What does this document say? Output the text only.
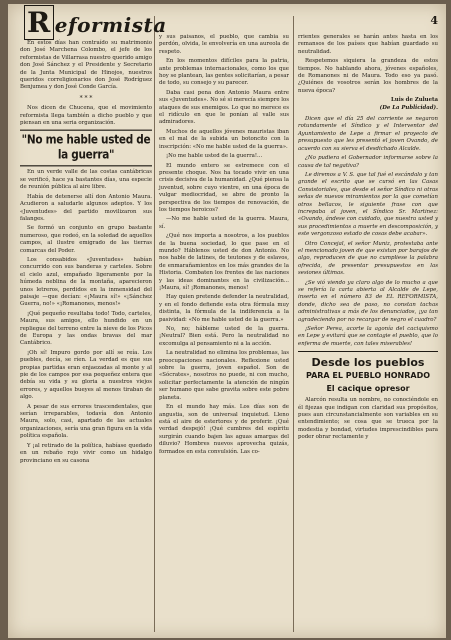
4
R eformista

En estos días han contraído su matrimonio don José Marchena Colombo, el jefe de los reformistas de Villarrasa nuestro querido amigo don José Sánchez y el Presidente y Secretario de la Junta Municipal de Hinojos, nuestros queridos correligionarios don José Rodríguez Benjumea y don José Conde García.

* * *

Nos dicen de Chucena, que el movimiento reformista llega también a dicho pueblo y que piensan en una seria organización.

"No me hable usted de la guerra"

En un verde valle de las costas cantábricas se verificó, hace ya bastantes días, una especie de reunión pública al aire libre.

Había de detenerse allí don Antonio Maura. Acudieron a saludarle algunos adeptos. Y los «Juventudes» del partido movilizaron sus falanges.

Se formó un conjunto en grupo bastante numeroso, que rodeó, en la soledad de aquellos campos, al ilustre emigrado de las tierras comarcas del Poder.

Los consabidos «Juventudes» habían concurrido con sus banderas y carteles. Sobre el cielo azul, empañado ligeramente por la húmeda neblina de la montaña, aparecieron unos letreros, perdidos en la inmensidad del paisaje —que decían: «¡Maura sí!» «¡Sánchez Guerra, no!» «¡Romanones, menos!»

¡Qué pequeño resultaba todo! Todo, carteles, Maura, sus amigos, ello hundido en un repliegue del terreno entre la nieve de los Picos de Europa y las ondas bravas del mar Cantábrico.

¡Oh sí! Impuro gordo por allí se reía. Los puebles, decía, se ríen. La verdad es que sus propias partidas eran enjaezadas al monte y al pie de los campos por esa pequeñez entera que debía su vida y su gloria a nuestros viejos errores, y aquellos bueyes al menos tiraban de algo.

A pesar de sus errores trascendentales, que serían irreparables, todavía don Antonio Maura, solo, casi, apartado de las actuales organizaciones, sería una gran figura en la vida política española.

Y ¡al retirado de la política, habíase quedado en un rebaño rojo vivir como un hidalgo provinciano en su casona

y sus paisanos, el pueblo, que cambia su perdón, olvida, le envolvería en una aureola de respeto.

En los momentos difíciles para la patria, ante problemas internacionales, como los que hoy se plantean, las gentes solicitarían, a pesar de todo, su consejo y su parecer.

Daba casi pena don Antonio Maura entre sus «Juventudes». No sé si merecía siempre los ataques de sus enemigos. Lo que no merece es el ridículo en que le ponían al valle sus admiradores.

Muchos de aquellos jóvenes mauristas iban en el mal de la subida un botoncito con la inscripción: «No me hable usted de la guerra».

¡No me hable usted de la guerra!...

El mundo entero se estremece con el presente choque. Nos ha tocado vivir en una crisis decisiva de la humanidad. ¿Qué piensa la juventud, sobre cuyo vientre, en una época de vulgar mediocridad, se abre de pronto la perspectiva de los tiempos de renovación, de los tiempos heroicos?

—No me hable usted de la guerra. Maura, sí.

¿Qué nos importa a nosotros, a los pueblos de la buena sociedad, lo que pase en el mundo? Háblenos usted de don Antonio. No nos hable de latines, de teutones y de eslavos, de enmarañamientos en los más grandes de la Historia. Combaten los frentes de las naciones y las ideas dominantes en la civilización... ¡Maura, sí! ¡Romanones, menos!

Hay quien pretende defender la neutralidad, y en el fondo defiende esta otra fórmula muy distinta, la fórmula de la indiferencia a la pasividad: «No me hable usted de la guerra.»

No, no; hábleme usted de la guerra. ¡Neutral? Bien está. Pero la neutralidad no excomulga al pensamiento ni a la acción.

La neutralidad no elimina los problemas, las preocupaciones nacionales. Reflexione usted sobre la guerra, joven español. Son de «Sócrates», nosotros no puede, ni con mucho, solicitar perfectamente la atención de ningún ser humano que sabe gravita sobre este pobre planeta.

En el mundo hay más. Los días son de angustia, son de universal inquietud. Lleno está el aire de estertores y de proferir. ¡Qué verdad despejó! ¡Qué cumbres del espíritu surgirán cuando bajen las aguas amargas del diluvio? Hombres nuevos aprovecha quizás, formados en esta convulsión. Las co-

rrientes generales se harán antes hasta en los remansos de los países que habían guardado su neutralidad.

Respetemos siquiera la grandeza de estos tiempos. No hablando ahora, jóvenes españoles, de Romanones ni de Maura. Todo eso ya pasó. ¿Quiénes de vosotros serán los hombres de la nueva época?

Luis de Zulueta

(De La Publicidad).

Dicen que el día 25 del corriente se negaron rotundamente el Síndico y el Interventor del Ayuntamiento de Lepe a firmar el proyecto de presupuesto que les presentó el joven Ovando, de acuerdo con su sierva el desdichado Alcalde.

¿No pudiera el Gobernador informarse sobre la causa de tal negativa?

Le diremos a V. S. que tal fué el escándalo y tan grande el escrito que se cursó en las Casas Consistoriales, que desde el señor Síndico ni otras señas de nuevos miramientos por la que cometían otros bellacos, le siguiente frase con que increpaba al joven, el Síndico Sr. Martinez: «Ovando, ándese con cuidado, que nuestra usted y sus procedimientos a muerte en descomposición, y este vergonzoso estado de cosas debe acabar».

Otro Concejal, el señor Muniz, protestaba ante el mencionado joven de que existan por barajos de algo, reproducen de que no cumpliese la palabra ofrecida, de presentar presupuestos en las sesiones últimas.

¿Se vió viendo ya claro algo de lo mucho a que se refería la carta abierta al Alcalde de Lepe, inserta en el número 83 de EL REFORMISTA, donde, dicho sea de paso, no constan tachas administrativas a más de los denunciados, ¡ya tan agradeciendo por no recargar de negro el cuadro?

¡Señor Perea, acorte la agonía del caciquismo en Lepe y evitará que se contagie el pueblo, que lo enferma de muerte, con tales miserables!

Desde los pueblos
PARA EL PUEBLO HONRADO
El cacique opresor

Alarcón resulta un nombre, no conociéndole en él fijezas que indigan con claridad sus propósitos, pues aun circunstancialmente son variables en su entendimiento; se cosa que se trueca por la modestia y bondad, virtudes imprescindibles para poder obrar rectamente y
